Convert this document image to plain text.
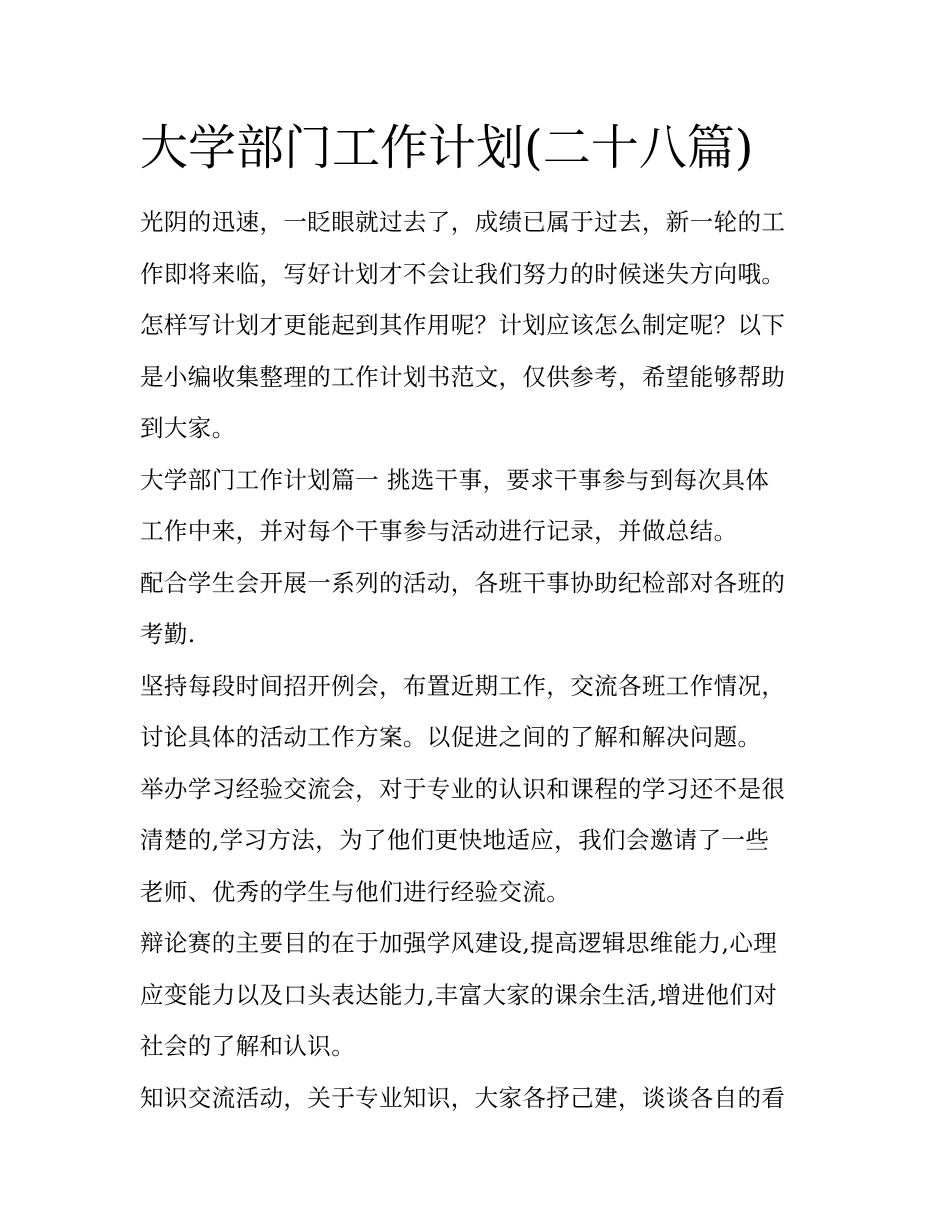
大学部门工作计划(二十八篇)
光阴的迅速，一眨眼就过去了，成绩已属于过去，新一轮的工
作即将来临，写好计划才不会让我们努力的时候迷失方向哦。
怎样写计划才更能起到其作用呢？计划应该怎么制定呢？以下
是小编收集整理的工作计划书范文，仅供参考，希望能够帮助
到大家。
大学部门工作计划篇一 挑选干事，要求干事参与到每次具体
工作中来，并对每个干事参与活动进行记录，并做总结。
配合学生会开展一系列的活动，各班干事协助纪检部对各班的
考勤.
坚持每段时间招开例会，布置近期工作，交流各班工作情况，
讨论具体的活动工作方案。以促进之间的了解和解决问题。
举办学习经验交流会，对于专业的认识和课程的学习还不是很
清楚的,学习方法，为了他们更快地适应，我们会邀请了一些
老师、优秀的学生与他们进行经验交流。
辩论赛的主要目的在于加强学风建设,提高逻辑思维能力,心理
应变能力以及口头表达能力,丰富大家的课余生活,增进他们对
社会的了解和认识。
知识交流活动，关于专业知识，大家各抒己建，谈谈各自的看
